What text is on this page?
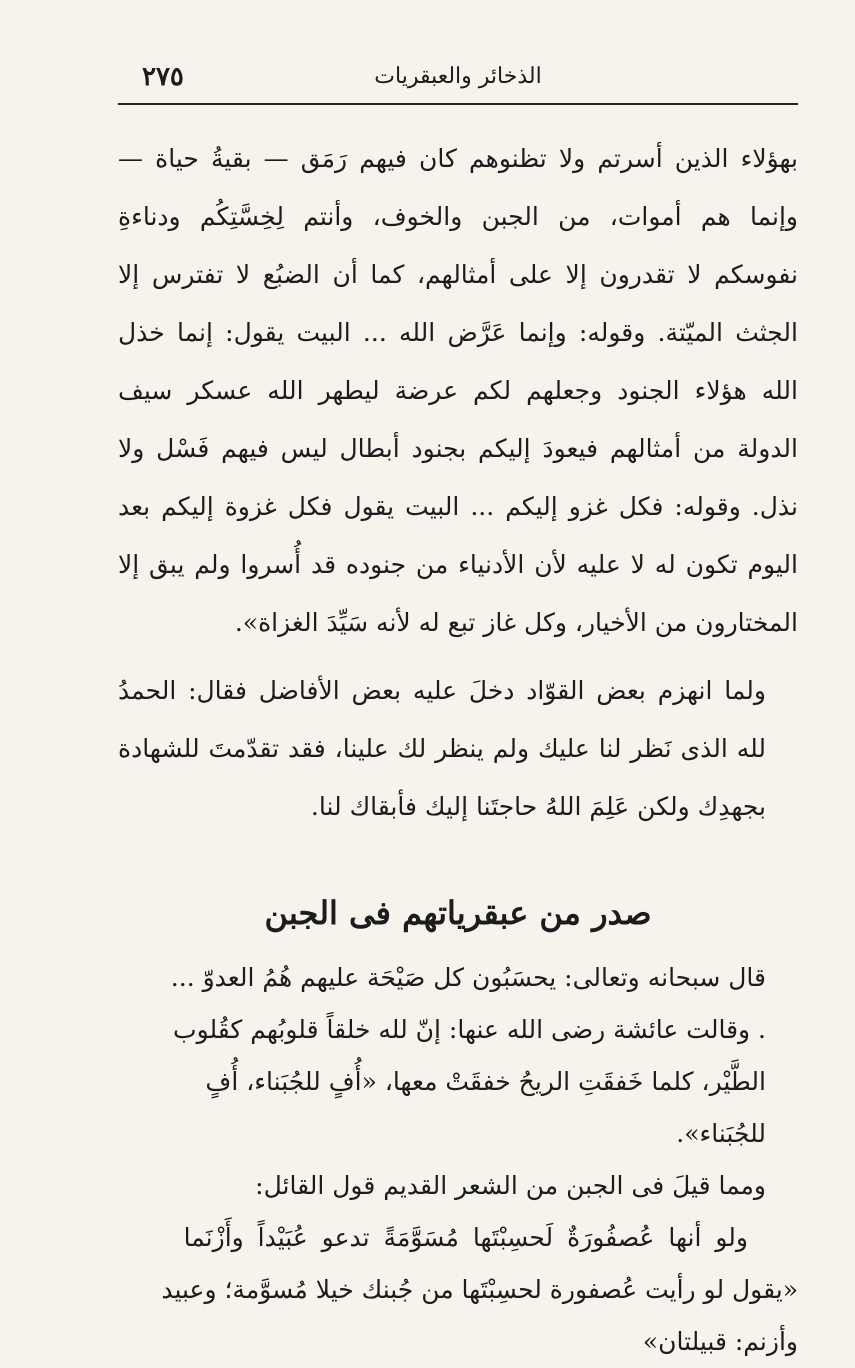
الذخائر والعبقريات
٢٧٥

بهؤلاء الذين أسرتم ولا تظنوهم كان فيهم رَمَق — بقيةُ حياة — وإنما هم أموات، من الجبن والخوف، وأنتم لِخِسَّتِكُم ودناءةِ نفوسكم لا تقدرون إلا على أمثالهم، كما أن الضبُع لا تفترس إلا الجثث الميّتة. وقوله: وإنما عَرَّض الله ... البيت يقول: إنما خذل الله هؤلاء الجنود وجعلهم لكم عرضة ليطهر الله عسكر سيف الدولة من أمثالهم فيعودَ إليكم بجنود أبطال ليس فيهم فَسْل ولا نذل. وقوله: فكل غزو إليكم ... البيت يقول فكل غزوة إليكم بعد اليوم تكون له لا عليه لأن الأدنياء من جنوده قد أُسروا ولم يبق إلا المختارون من الأخيار، وكل غاز تبع له لأنه سَيِّدَ الغزاة».

ولما انهزم بعض القوّاد دخلَ عليه بعض الأفاضل فقال: الحمدُ لله الذى نَظر لنا عليك ولم ينظر لك علينا، فقد تقدّمتَ للشهادة بجهدِك ولكن عَلِمَ اللهُ حاجتَنا إليك فأبقاك لنا.

صدر من عبقرياتهم فى الجبن

قال سبحانه وتعالى: يحسَبُون كل صَيْحَة عليهم هُمُ العدوّ ...

. وقالت عائشة رضى الله عنها: إنّ لله خلقاً قلوبُهم كقُلوب الطَّيْر، كلما خَفقَتِ الريحُ خفقَتْ معها، «أُفٍ للجُبَناء، أُفٍ للجُبَناء».

ومما قيلَ فى الجبن من الشعر القديم قول القائل:

ولو أنها عُصفُورَةٌ لَحسِبْتَها مُسَوَّمَةً تدعو عُبَيْداً وأَزْنَما

«يقول لو رأيت عُصفورة لحسِبْتَها من جُبنك خيلا مُسوَّمة؛ وعبيد وأزنم: قبيلتان»
